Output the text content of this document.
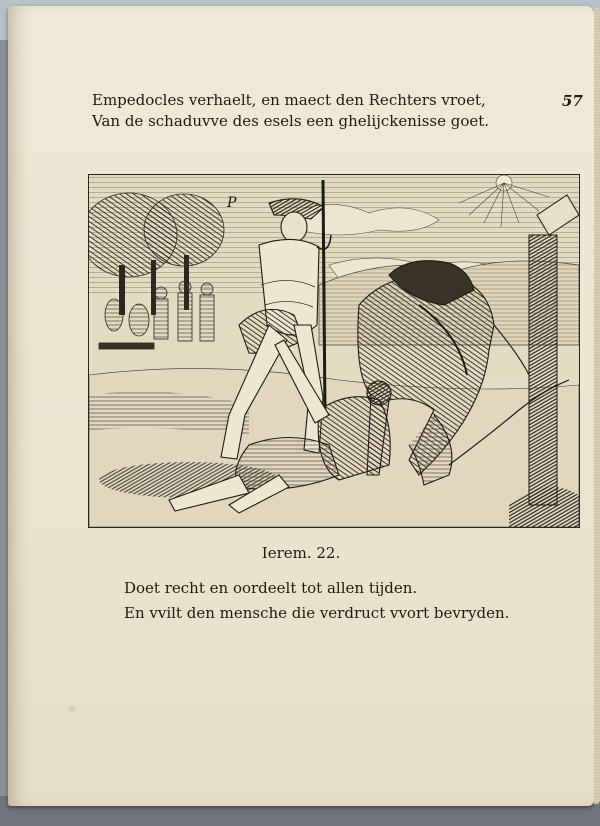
Empedocles verhaelt, en maect den Rechters vroet,
Van de schaduvve des esels een ghelijckenisse goet.
57
P
Ierem. 22.
Doet recht en oordeelt tot allen tijden.
En vvilt den mensche die verdruct vvort bevryden.
